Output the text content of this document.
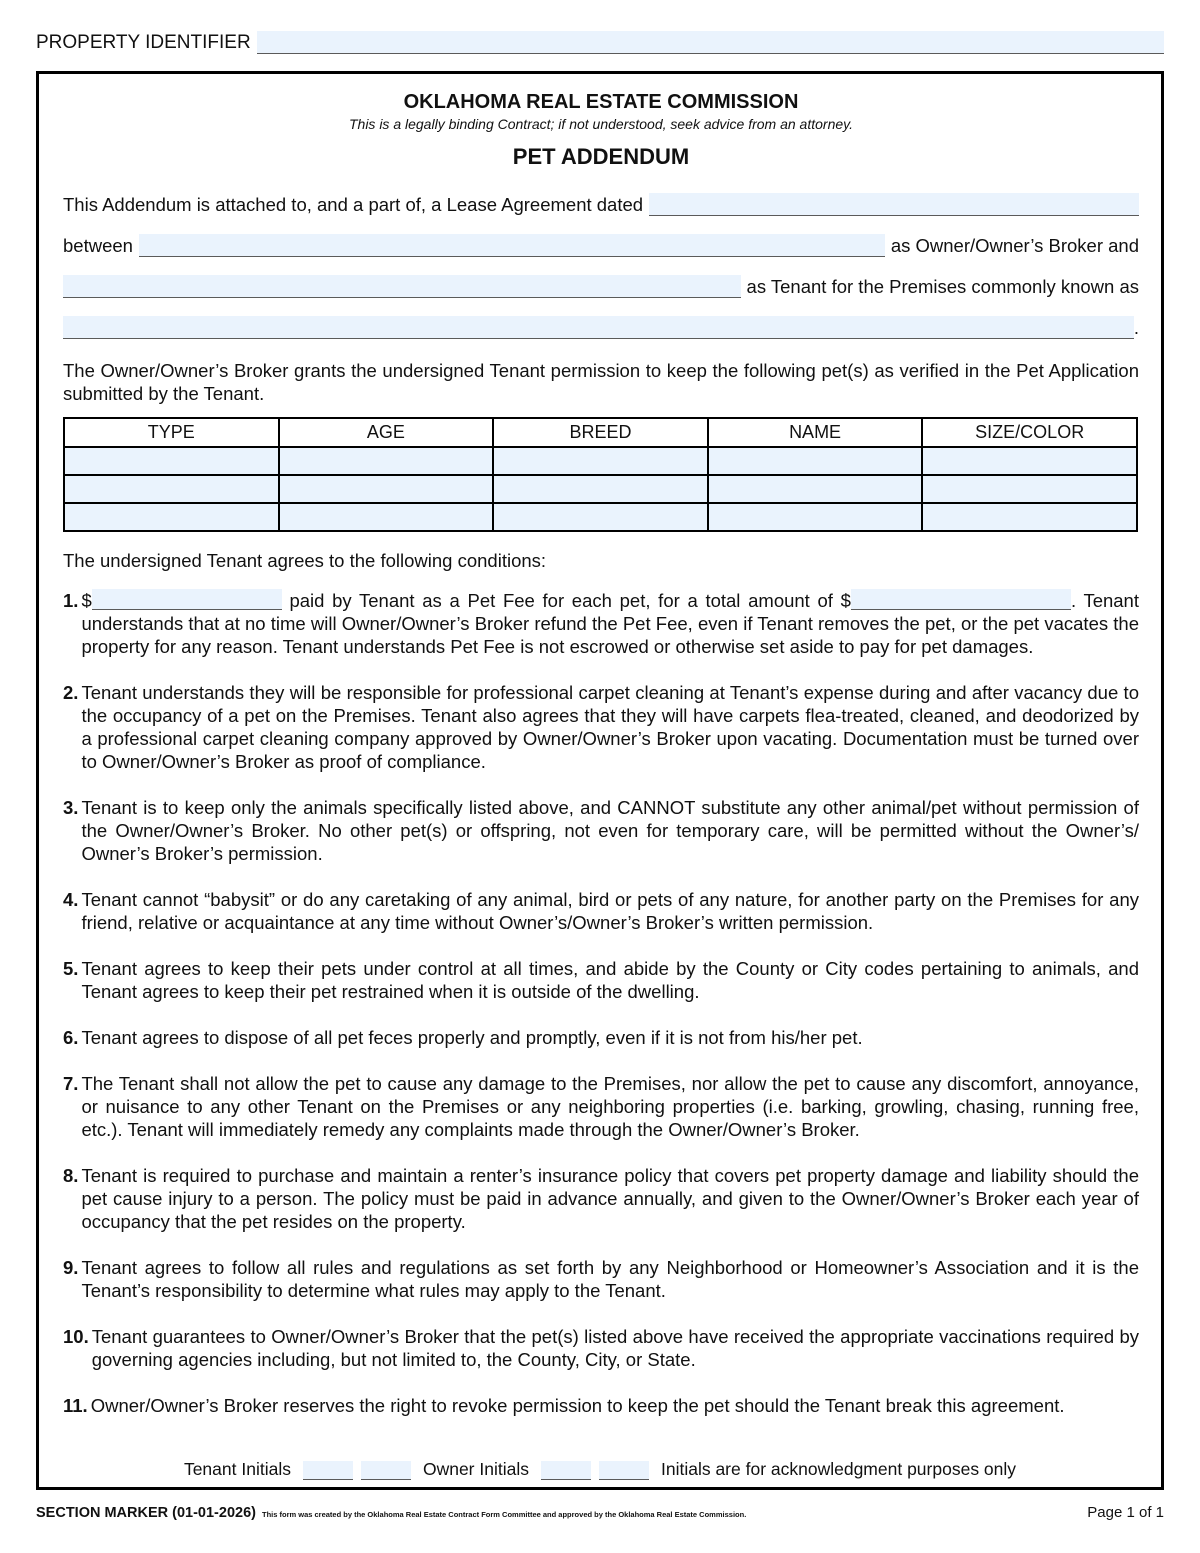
PROPERTY IDENTIFIER
OKLAHOMA REAL ESTATE COMMISSION
This is a legally binding Contract; if not understood, seek advice from an attorney.
PET ADDENDUM
This Addendum is attached to, and a part of, a Lease Agreement dated
between	as Owner/Owner’s Broker and
as Tenant for the Premises commonly known as
.
The Owner/Owner’s Broker grants the undersigned Tenant permission to keep the following pet(s) as verified in the Pet Application submitted by the Tenant.
TYPE	AGE	BREED	NAME	SIZE/COLOR

The undersigned Tenant agrees to the following conditions:
1. $	paid by Tenant as a Pet Fee for each pet, for a total amount of $	. Tenant understands that at no time will Owner/Owner’s Broker refund the Pet Fee, even if Tenant removes the pet, or the pet vacates the property for any reason. Tenant understands Pet Fee is not escrowed or otherwise set aside to pay for pet damages.
2. Tenant understands they will be responsible for professional carpet cleaning at Tenant’s expense during and after vacancy due to the occupancy of a pet on the Premises. Tenant also agrees that they will have carpets flea-treated, cleaned, and deodorized by a professional carpet cleaning company approved by Owner/Owner’s Broker upon vacating. Documentation must be turned over to Owner/Owner’s Broker as proof of compliance.
3. Tenant is to keep only the animals specifically listed above, and CANNOT substitute any other animal/pet without permission of the Owner/Owner’s Broker. No other pet(s) or offspring, not even for temporary care, will be permitted without the Owner’s/ Owner’s Broker’s permission.
4. Tenant cannot “babysit” or do any caretaking of any animal, bird or pets of any nature, for another party on the Premises for any friend, relative or acquaintance at any time without Owner’s/Owner’s Broker’s written permission.
5. Tenant agrees to keep their pets under control at all times, and abide by the County or City codes pertaining to animals, and Tenant agrees to keep their pet restrained when it is outside of the dwelling.
6. Tenant agrees to dispose of all pet feces properly and promptly, even if it is not from his/her pet.
7. The Tenant shall not allow the pet to cause any damage to the Premises, nor allow the pet to cause any discomfort, annoyance, or nuisance to any other Tenant on the Premises or any neighboring properties (i.e. barking, growling, chasing, running free, etc.). Tenant will immediately remedy any complaints made through the Owner/Owner’s Broker.
8. Tenant is required to purchase and maintain a renter’s insurance policy that covers pet property damage and liability should the pet cause injury to a person. The policy must be paid in advance annually, and given to the Owner/Owner’s Broker each year of occupancy that the pet resides on the property.
9. Tenant agrees to follow all rules and regulations as set forth by any Neighborhood or Homeowner’s Association and it is the Tenant’s responsibility to determine what rules may apply to the Tenant.
10. Tenant guarantees to Owner/Owner’s Broker that the pet(s) listed above have received the appropriate vaccinations required by governing agencies including, but not limited to, the County, City, or State.
11. Owner/Owner’s Broker reserves the right to revoke permission to keep the pet should the Tenant break this agreement.
Tenant Initials	Owner Initials	Initials are for acknowledgment purposes only
SECTION MARKER (01-01-2026) This form was created by the Oklahoma Real Estate Contract Form Committee and approved by the Oklahoma Real Estate Commission.	Page 1 of 1
